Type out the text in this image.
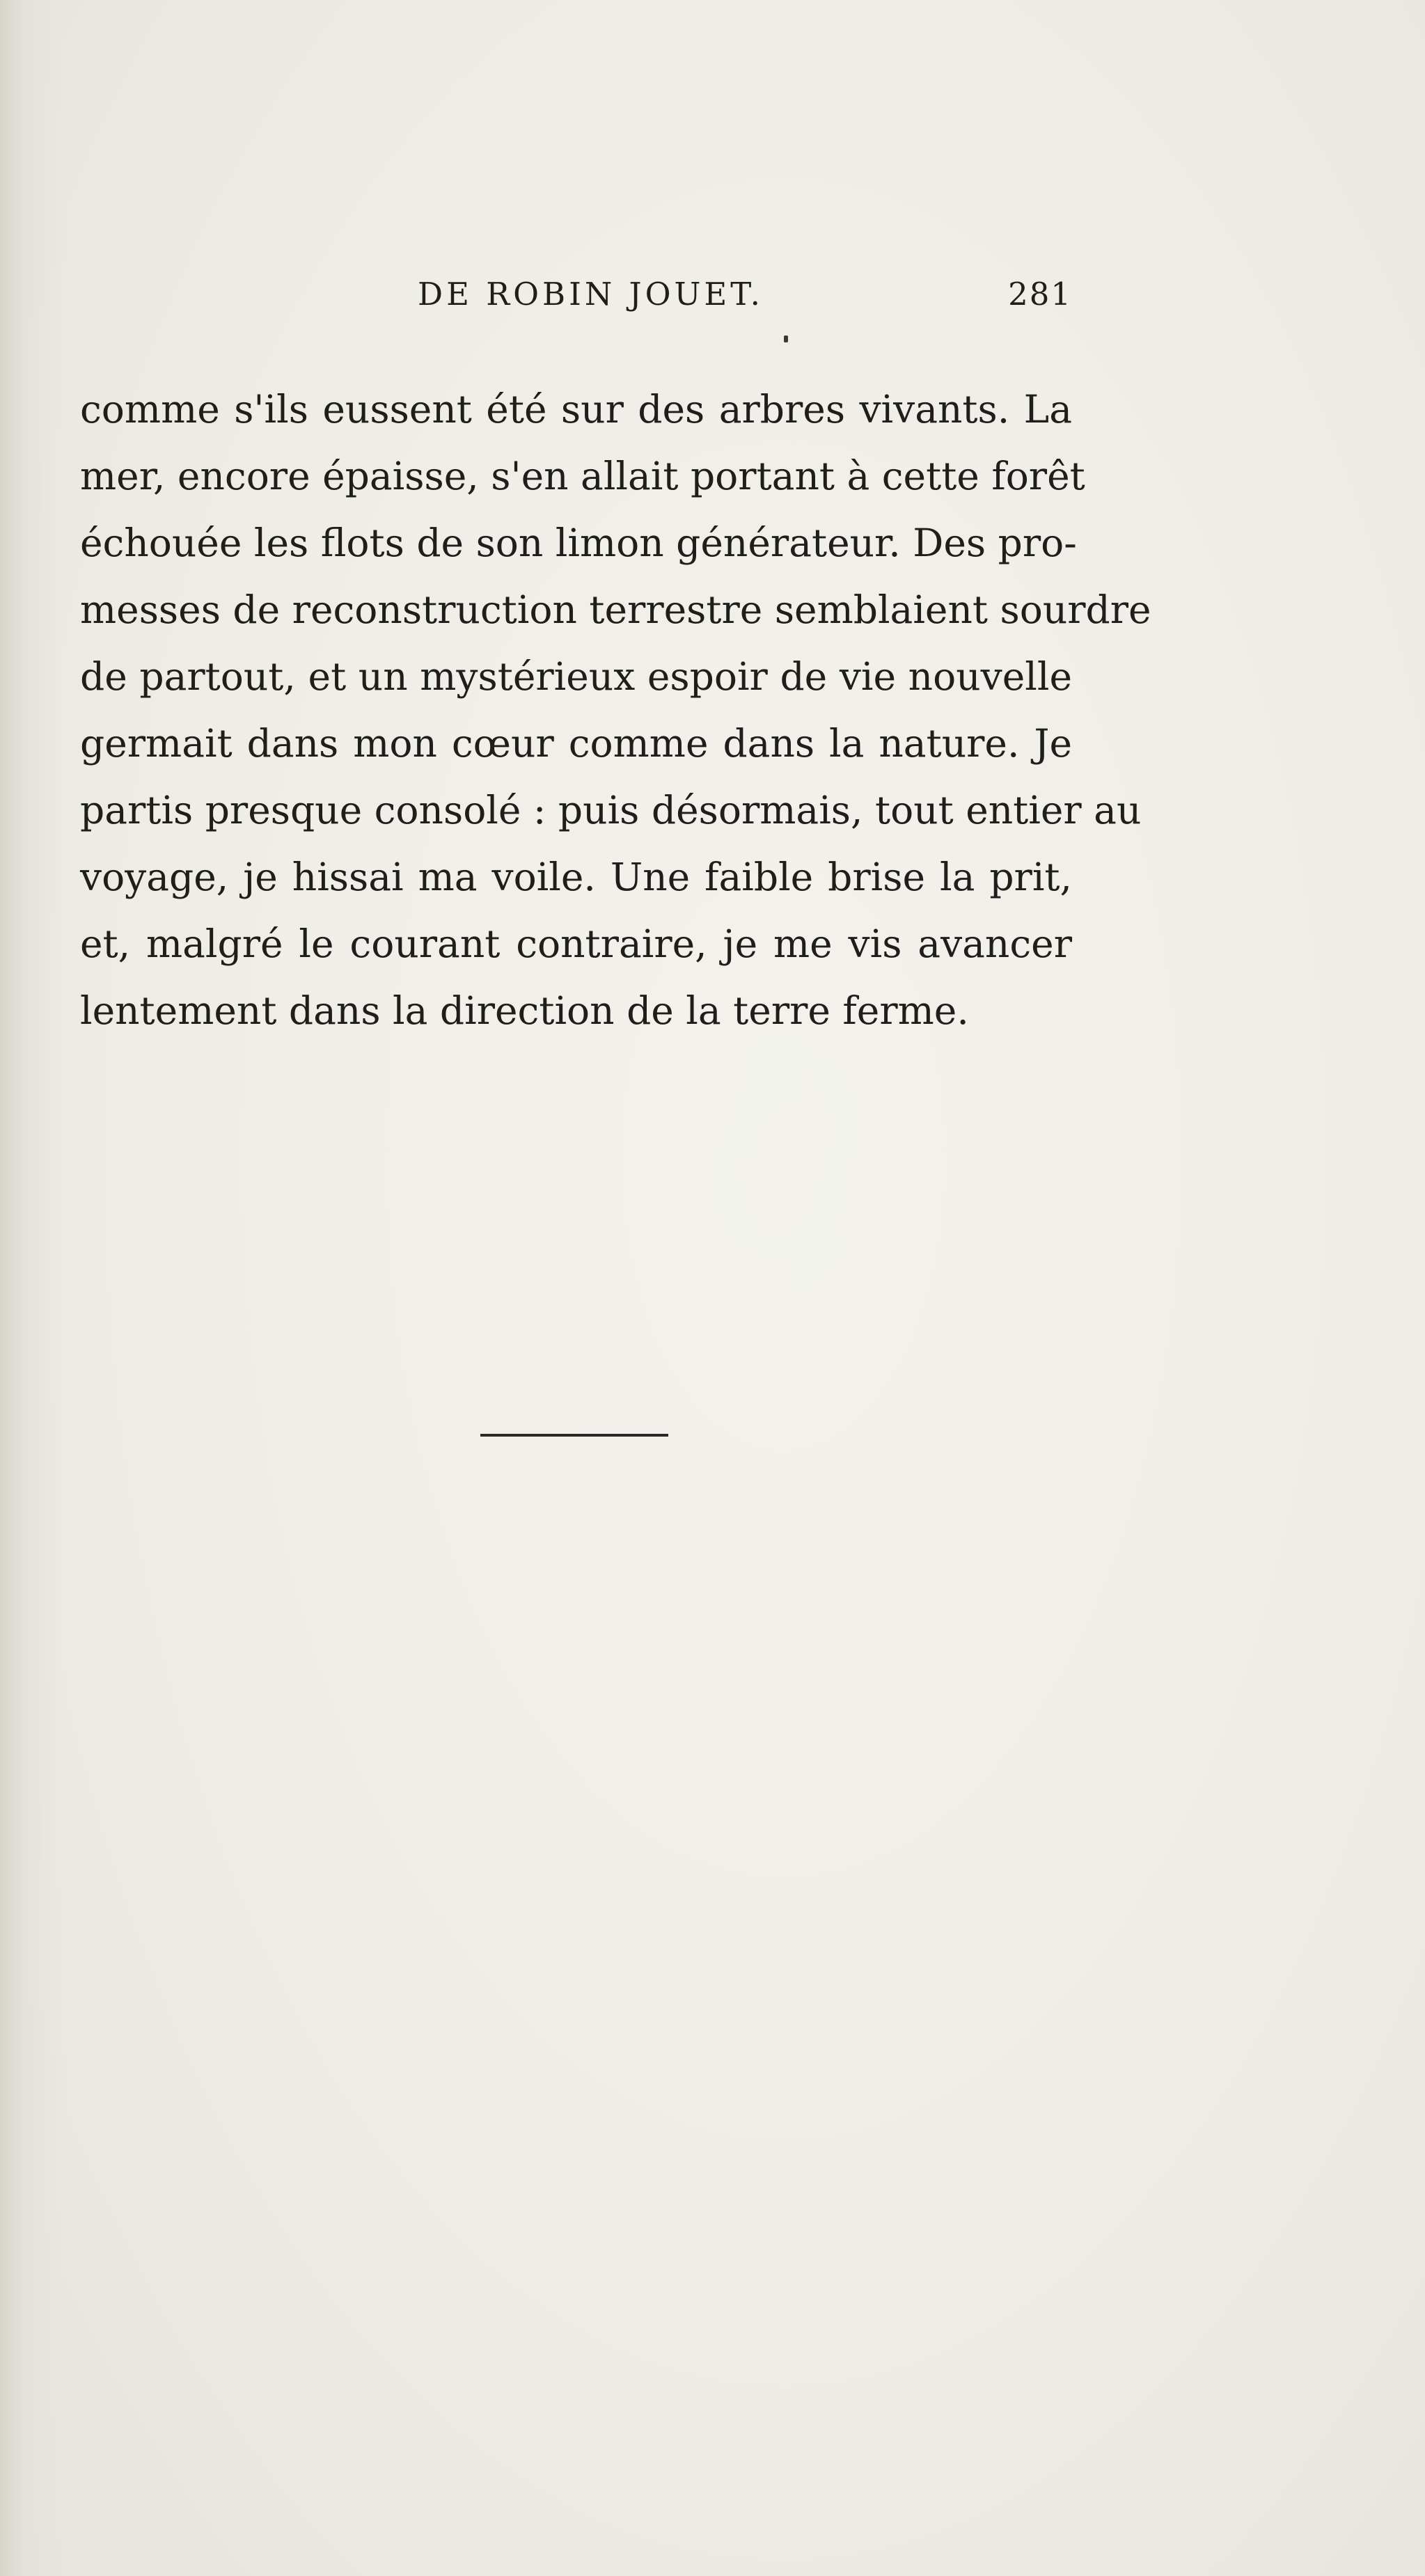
DE ROBIN JOUET.	281
comme s'ils eussent été sur des arbres vivants. La
mer, encore épaisse, s'en allait portant à cette forêt
échouée les flots de son limon générateur. Des pro-
messes de reconstruction terrestre semblaient sourdre
de partout, et un mystérieux espoir de vie nouvelle
germait dans mon cœur comme dans la nature. Je
partis presque consolé : puis désormais, tout entier au
voyage, je hissai ma voile. Une faible brise la prit,
et, malgré le courant contraire, je me vis avancer
lentement dans la direction de la terre ferme.
